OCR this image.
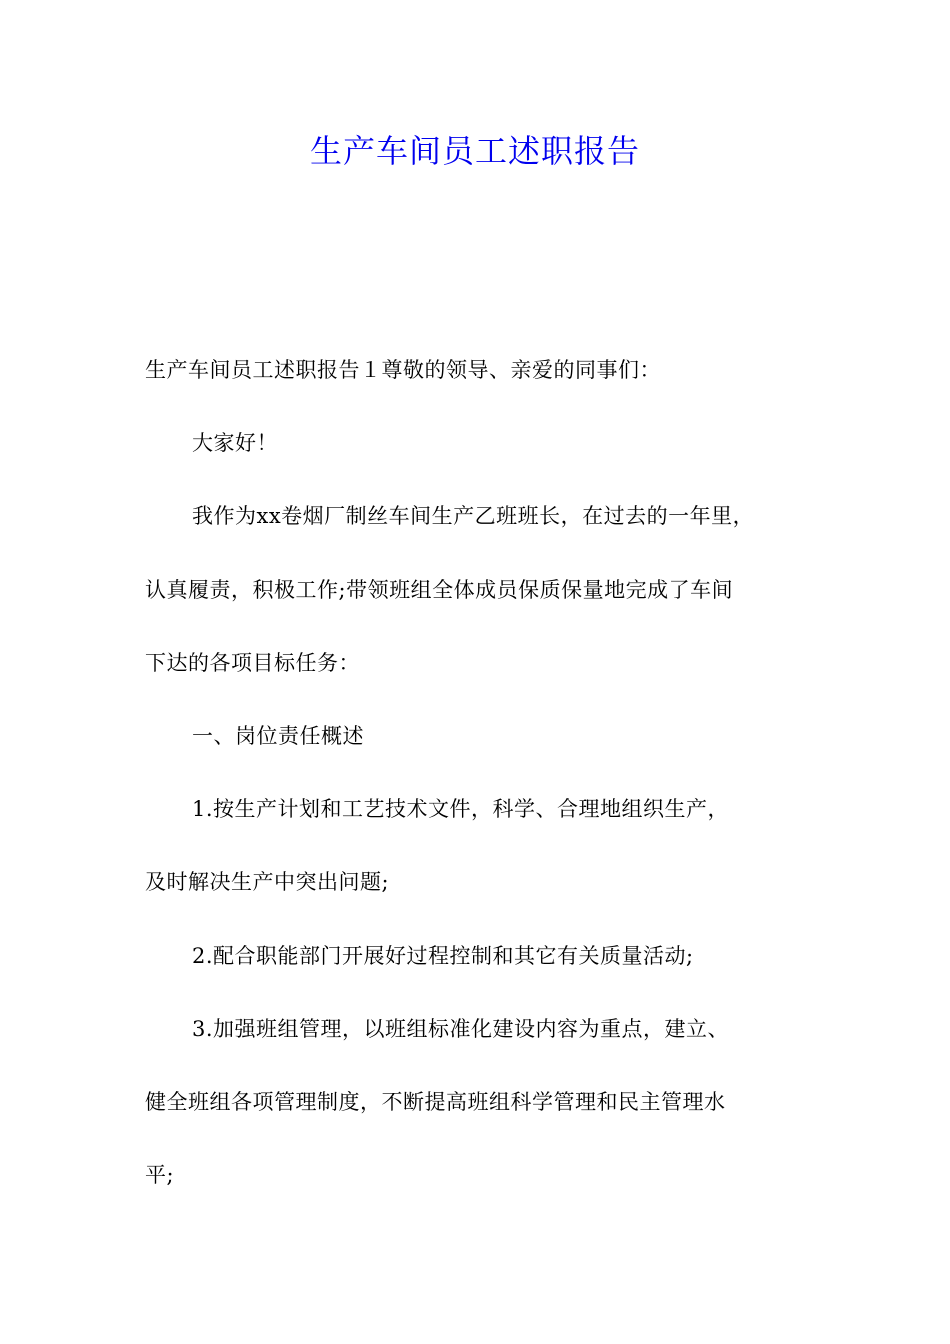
生产车间员工述职报告

生产车间员工述职报告１尊敬的领导、亲爱的同事们：

大家好！

我作为xx卷烟厂制丝车间生产乙班班长，在过去的一年里，

认真履责，积极工作;带领班组全体成员保质保量地完成了车间

下达的各项目标任务：

一、岗位责任概述

1.按生产计划和工艺技术文件，科学、合理地组织生产，

及时解决生产中突出问题;

2.配合职能部门开展好过程控制和其它有关质量活动;

3.加强班组管理，以班组标准化建设内容为重点，建立、

健全班组各项管理制度，不断提高班组科学管理和民主管理水

平;
